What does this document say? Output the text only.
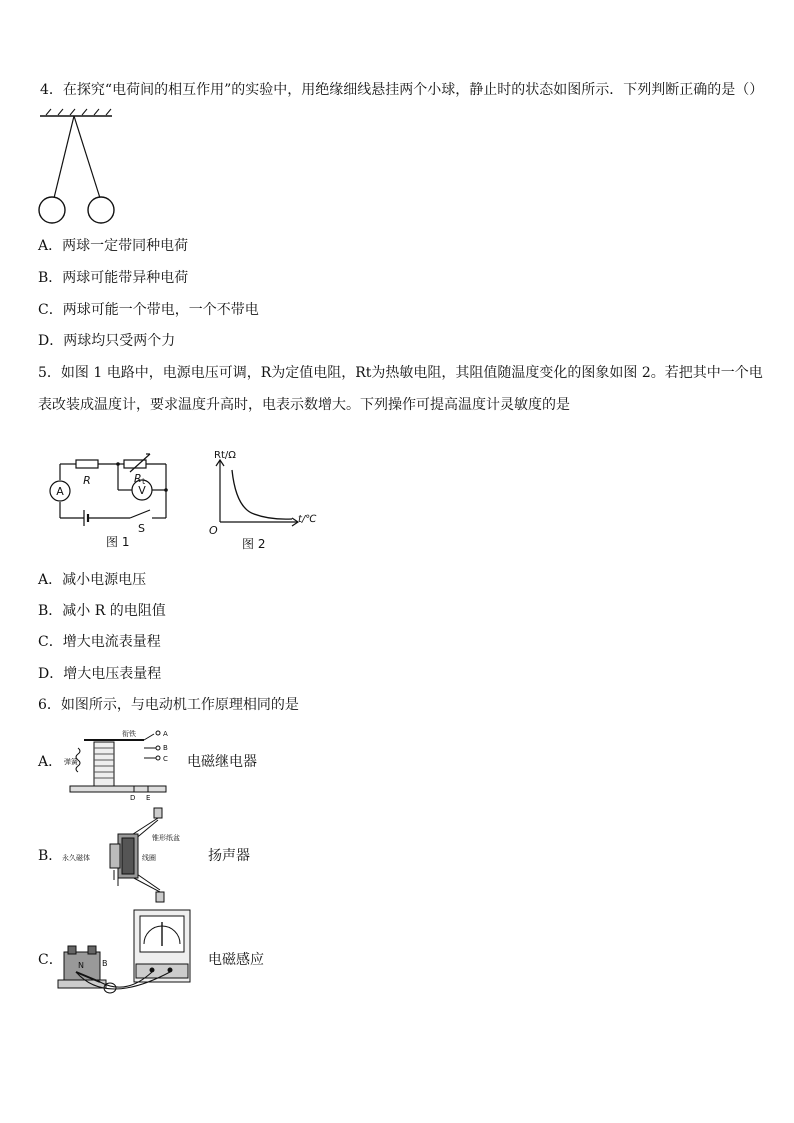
4．在探究“电荷间的相互作用”的实验中，用绝缘细线悬挂两个小球，静止时的状态如图所示．下列判断正确的是（）
A．两球一定带同种电荷
B．两球可能带异种电荷
C．两球可能一个带电，一个不带电
D．两球均只受两个力
5．如图 1 电路中，电源电压可调，R为定值电阻，Rt为热敏电阻，其阻值随温度变化的图象如图 2。若把其中一个电
表改装成温度计，要求温度升高时，电表示数增大。下列操作可提高温度计灵敏度的是
A	V
R	R t
S
图 1
Rt/Ω
t/℃
O
图 2
A．减小电源电压
B．减小 R 的电阻值
C．增大电流表量程
D．增大电压表量程
6．如图所示，与电动机工作原理相同的是
A．
衔铁
弹簧
A
B
C
D E
电磁继电器
B．
锥形纸盆
永久磁体	线圈	扬声器
C． N B	电磁感应
